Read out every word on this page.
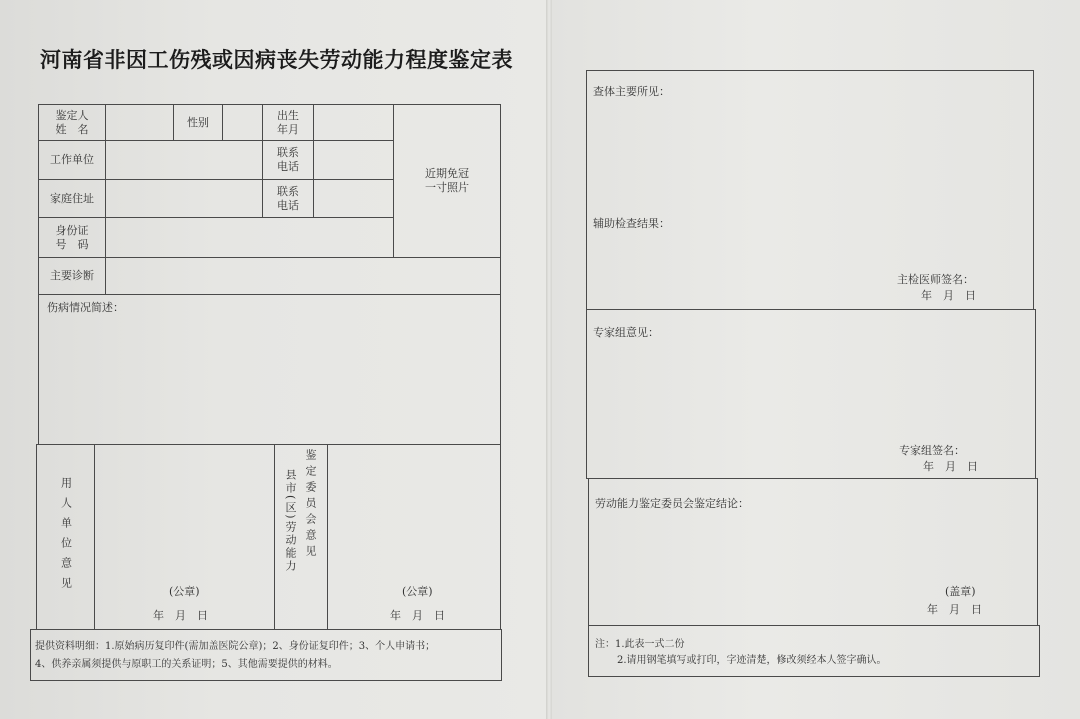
河南省非因工伤残或因病丧失劳动能力程度鉴定表
鉴定人
姓　名
性别
出生
年月
近期免冠
一寸照片
工作单位
联系
电话
家庭住址
联系
电话
身份证
号　码
主要诊断
伤病情况简述：
用人单位意见	(公章)
年　月　日
县市(区)劳动能力 鉴定委员会意见
(公章)
年　月　日
提供资料明细：1.原始病历复印件(需加盖医院公章)；2、身份证复印件；3、个人申请书；
4、供养亲属须提供与原职工的关系证明；5、其他需要提供的材料。
查体主要所见：
辅助检查结果：
主检医师签名：
年　月　日
专家组意见：
专家组签名：
年　月　日
劳动能力鉴定委员会鉴定结论：
(盖章)
年　月　日
注：1.此表一式二份
2.请用钢笔填写或打印，字迹清楚，修改须经本人签字确认。
